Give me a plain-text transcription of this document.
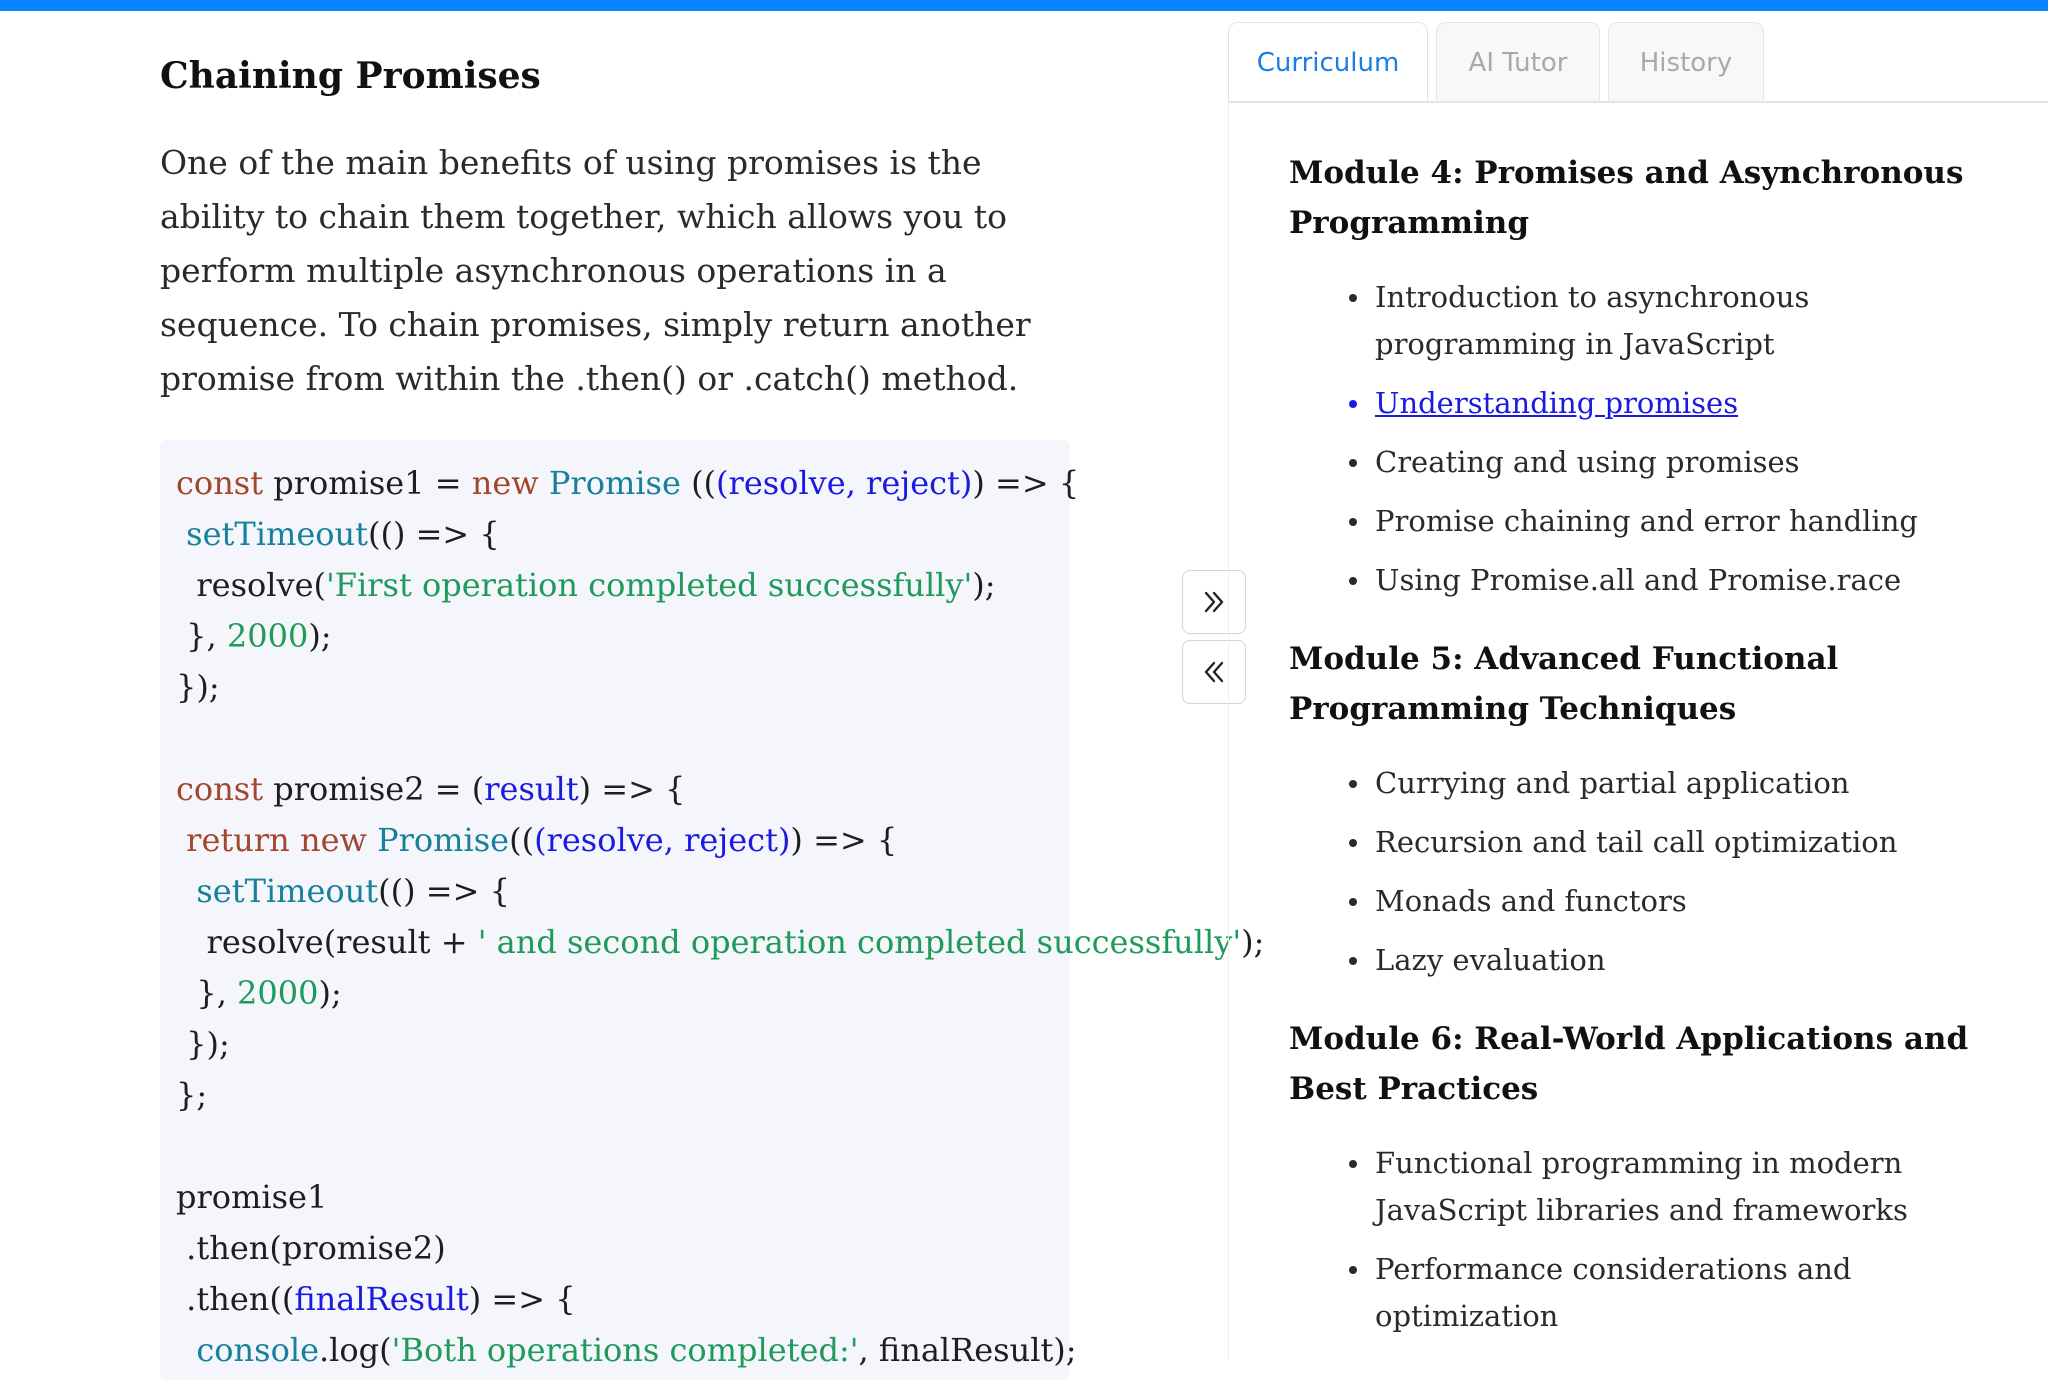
Chaining Promises

One of the main benefits of using promises is the ability to chain them together, which allows you to perform multiple asynchronous operations in a sequence. To chain promises, simply return another promise from within the .then() or .catch() method.

const promise1 = new Promise (((resolve, reject)) => {
setTimeout(() => {
resolve('First operation completed successfully');
}, 2000);
});

const promise2 = (result) => {
return new Promise(((resolve, reject)) => {
setTimeout(() => {
resolve(result + ' and second operation completed successfully');
}, 2000);
});
};

promise1
.then(promise2)
.then((finalResult) => {
console.log('Both operations completed:', finalResult);
Curriculum	AI Tutor	History
Module 4: Promises and Asynchronous Programming
Introduction to asynchronous programming in JavaScript
Understanding promises
Creating and using promises
Promise chaining and error handling
Using Promise.all and Promise.race
Module 5: Advanced Functional Programming Techniques
Currying and partial application
Recursion and tail call optimization
Monads and functors
Lazy evaluation
Module 6: Real-World Applications and Best Practices
Functional programming in modern JavaScript libraries and frameworks
Performance considerations and optimization
